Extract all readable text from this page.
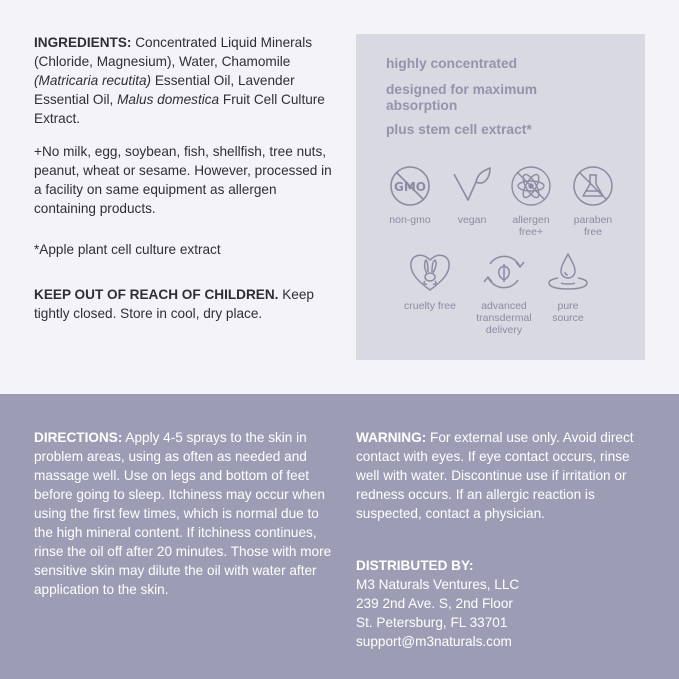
INGREDIENTS: Concentrated Liquid Minerals (Chloride, Magnesium), Water, Chamomile (Matricaria recutita) Essential Oil, Lavender Essential Oil, Malus domestica Fruit Cell Culture Extract.
+No milk, egg, soybean, fish, shellfish, tree nuts, peanut, wheat or sesame. However, processed in a facility on same equipment as allergen containing products.
*Apple plant cell culture extract
KEEP OUT OF REACH OF CHILDREN. Keep tightly closed. Store in cool, dry place.
highly concentrated
designed for maximum absorption
plus stem cell extract*
GMO
non-gmo	vegan	allergen free+
paraben free
cruelty free	advanced transdermal delivery
pure source
DIRECTIONS: Apply 4-5 sprays to the skin in problem areas, using as often as needed and massage well. Use on legs and bottom of feet before going to sleep. Itchiness may occur when using the first few times, which is normal due to the high mineral content. If itchiness continues, rinse the oil off after 20 minutes. Those with more sensitive skin may dilute the oil with water after application to the skin.
WARNING: For external use only. Avoid direct contact with eyes. If eye contact occurs, rinse well with water. Discontinue use if irritation or redness occurs. If an allergic reaction is suspected, contact a physician.
DISTRIBUTED BY:
M3 Naturals Ventures, LLC
239 2nd Ave. S, 2nd Floor
St. Petersburg, FL 33701
support@m3naturals.com
